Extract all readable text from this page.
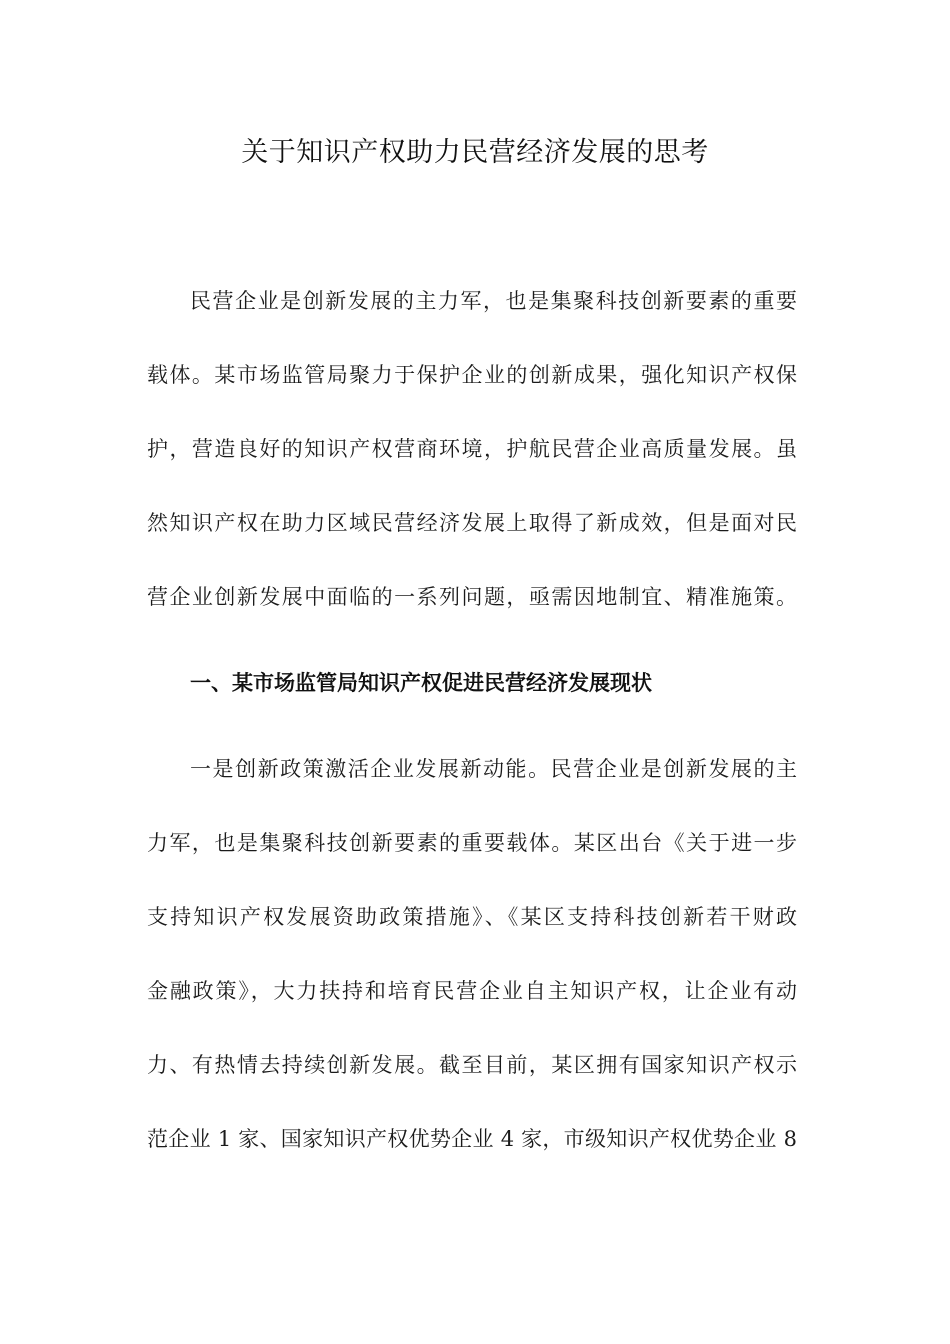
关于知识产权助力民营经济发展的思考
民营企业是创新发展的主力军，也是集聚科技创新要素的重要
载体。某市场监管局聚力于保护企业的创新成果，强化知识产权保
护，营造良好的知识产权营商环境，护航民营企业高质量发展。虽
然知识产权在助力区域民营经济发展上取得了新成效，但是面对民
营企业创新发展中面临的一系列问题，亟需因地制宜、精准施策。
一、某市场监管局知识产权促进民营经济发展现状
一是创新政策激活企业发展新动能。民营企业是创新发展的主
力军，也是集聚科技创新要素的重要载体。某区出台《关于进一步
支持知识产权发展资助政策措施》、《某区支持科技创新若干财政
金融政策》，大力扶持和培育民营企业自主知识产权，让企业有动
力、有热情去持续创新发展。截至目前，某区拥有国家知识产权示
范企业 1 家、国家知识产权优势企业 4 家，市级知识产权优势企业 8
